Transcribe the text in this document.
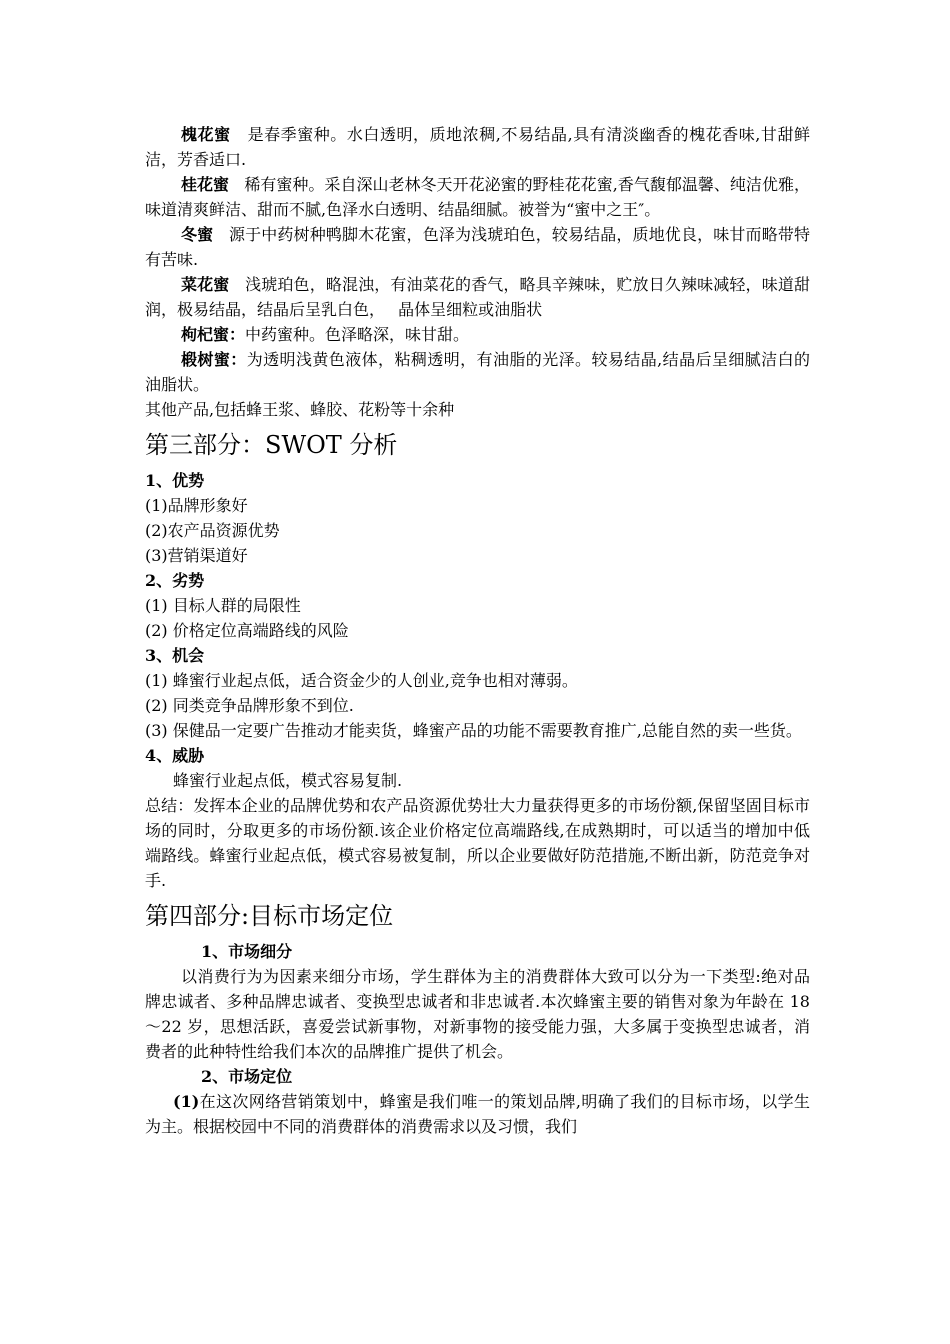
槐花蜜 是春季蜜种。水白透明，质地浓稠,不易结晶,具有清淡幽香的槐花香味,甘甜鲜洁，芳香适口.

桂花蜜 稀有蜜种。采自深山老林冬天开花泌蜜的野桂花花蜜,香气馥郁温馨、纯洁优雅，味道清爽鲜洁、甜而不腻,色泽水白透明、结晶细腻。被誉为“蜜中之王″。

冬蜜 源于中药树种鸭脚木花蜜，色泽为浅琥珀色，较易结晶，质地优良，味甘而略带特有苦味.

菜花蜜 浅琥珀色，略混浊，有油菜花的香气，略具辛辣味，贮放日久辣味减轻，味道甜润，极易结晶，结晶后呈乳白色，　 晶体呈细粒或油脂状

枸杞蜜：中药蜜种。色泽略深，味甘甜。

椴树蜜：为透明浅黄色液体，粘稠透明，有油脂的光泽。较易结晶,结晶后呈细腻洁白的油脂状。

其他产品,包括蜂王浆、蜂胶、花粉等十余种

第三部分：SWOT 分析

1、优势

(1)品牌形象好

(2)农产品资源优势

(3)营销渠道好

2、劣势

(1) 目标人群的局限性

(2) 价格定位高端路线的风险

3、机会

(1) 蜂蜜行业起点低，适合资金少的人创业,竞争也相对薄弱。

(2) 同类竞争品牌形象不到位.

(3) 保健品一定要广告推动才能卖货，蜂蜜产品的功能不需要教育推广,总能自然的卖一些货。

4、威胁

蜂蜜行业起点低，模式容易复制.

总结：发挥本企业的品牌优势和农产品资源优势壮大力量获得更多的市场份额,保留坚固目标市场的同时，分取更多的市场份额.该企业价格定位高端路线,在成熟期时，可以适当的增加中低端路线。蜂蜜行业起点低，模式容易被复制，所以企业要做好防范措施,不断出新，防范竞争对手.

第四部分:目标市场定位

1、市场细分

以消费行为为因素来细分市场，学生群体为主的消费群体大致可以分为一下类型:绝对品牌忠诚者、多种品牌忠诚者、变换型忠诚者和非忠诚者.本次蜂蜜主要的销售对象为年龄在 18～22 岁，思想活跃，喜爱尝试新事物，对新事物的接受能力强，大多属于变换型忠诚者，消费者的此种特性给我们本次的品牌推广提供了机会。

2、市场定位

(1)在这次网络营销策划中，蜂蜜是我们唯一的策划品牌,明确了我们的目标市场，以学生为主。根据校园中不同的消费群体的消费需求以及习惯，我们
